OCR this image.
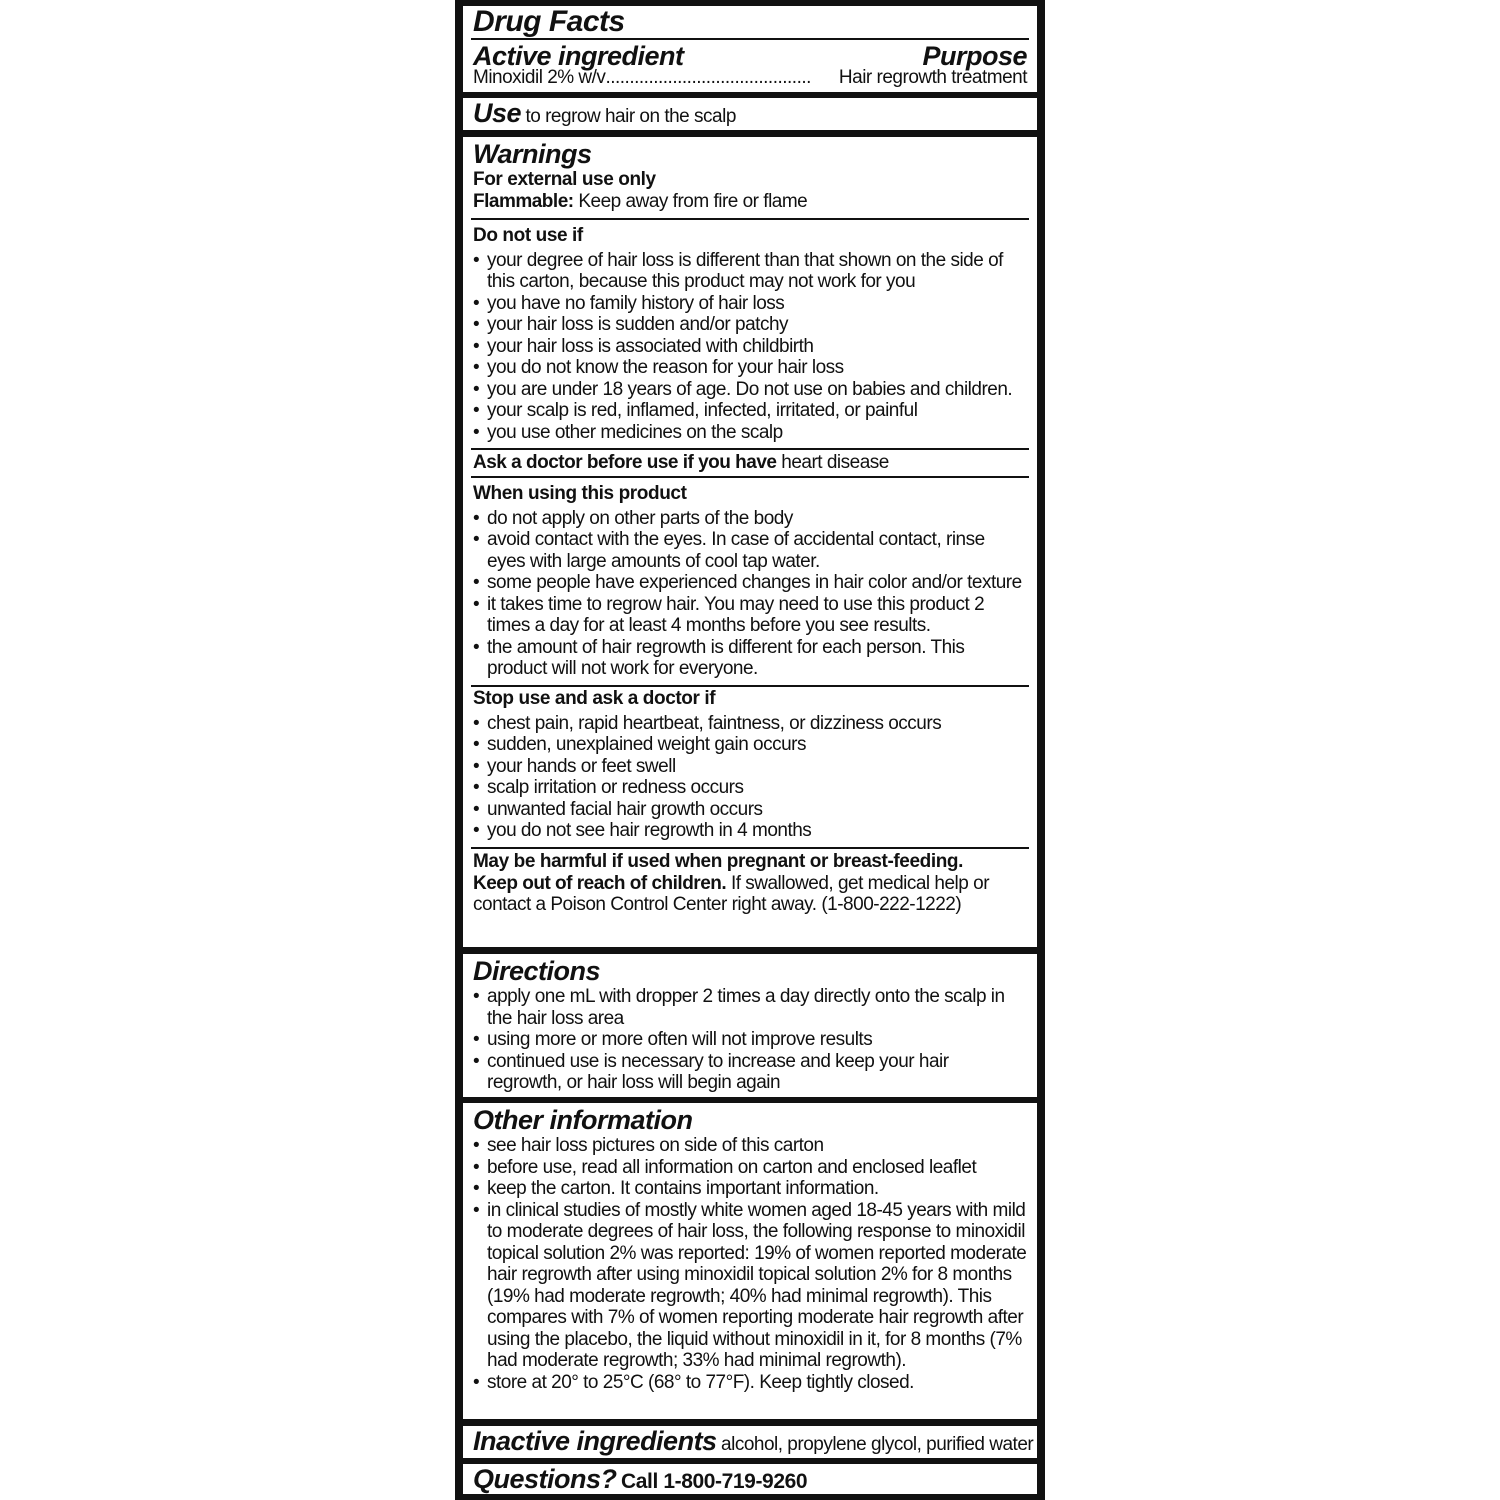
Drug Facts
Active ingredient	Purpose
Minoxidil 2% w/v ...........................................	Hair regrowth treatment
Use to regrow hair on the scalp
Warnings
For external use only
Flammable: Keep away from fire or flame
Do not use if
• your degree of hair loss is different than that shown on the side of this carton, because this product may not work for you
• you have no family history of hair loss
• your hair loss is sudden and/or patchy
• your hair loss is associated with childbirth
• you do not know the reason for your hair loss
• you are under 18 years of age. Do not use on babies and children.
• your scalp is red, inflamed, infected, irritated, or painful
• you use other medicines on the scalp
Ask a doctor before use if you have heart disease
When using this product
• do not apply on other parts of the body
• avoid contact with the eyes. In case of accidental contact, rinse eyes with large amounts of cool tap water.
• some people have experienced changes in hair color and/or texture
• it takes time to regrow hair. You may need to use this product 2 times a day for at least 4 months before you see results.
• the amount of hair regrowth is different for each person. This product will not work for everyone.
Stop use and ask a doctor if
• chest pain, rapid heartbeat, faintness, or dizziness occurs
• sudden, unexplained weight gain occurs
• your hands or feet swell
• scalp irritation or redness occurs
• unwanted facial hair growth occurs
• you do not see hair regrowth in 4 months
May be harmful if used when pregnant or breast-feeding.
Keep out of reach of children. If swallowed, get medical help or contact a Poison Control Center right away. (1-800-222-1222)
Directions
• apply one mL with dropper 2 times a day directly onto the scalp in the hair loss area
• using more or more often will not improve results
• continued use is necessary to increase and keep your hair regrowth, or hair loss will begin again
Other information
• see hair loss pictures on side of this carton
• before use, read all information on carton and enclosed leaflet
• keep the carton. It contains important information.
• in clinical studies of mostly white women aged 18-45 years with mild to moderate degrees of hair loss, the following response to minoxidil topical solution 2% was reported: 19% of women reported moderate hair regrowth after using minoxidil topical solution 2% for 8 months (19% had moderate regrowth; 40% had minimal regrowth). This compares with 7% of women reporting moderate hair regrowth after using the placebo, the liquid without minoxidil in it, for 8 months (7% had moderate regrowth; 33% had minimal regrowth).
• store at 20° to 25°C (68° to 77°F). Keep tightly closed.
Inactive ingredients alcohol, propylene glycol, purified water
Questions? Call 1-800-719-9260
